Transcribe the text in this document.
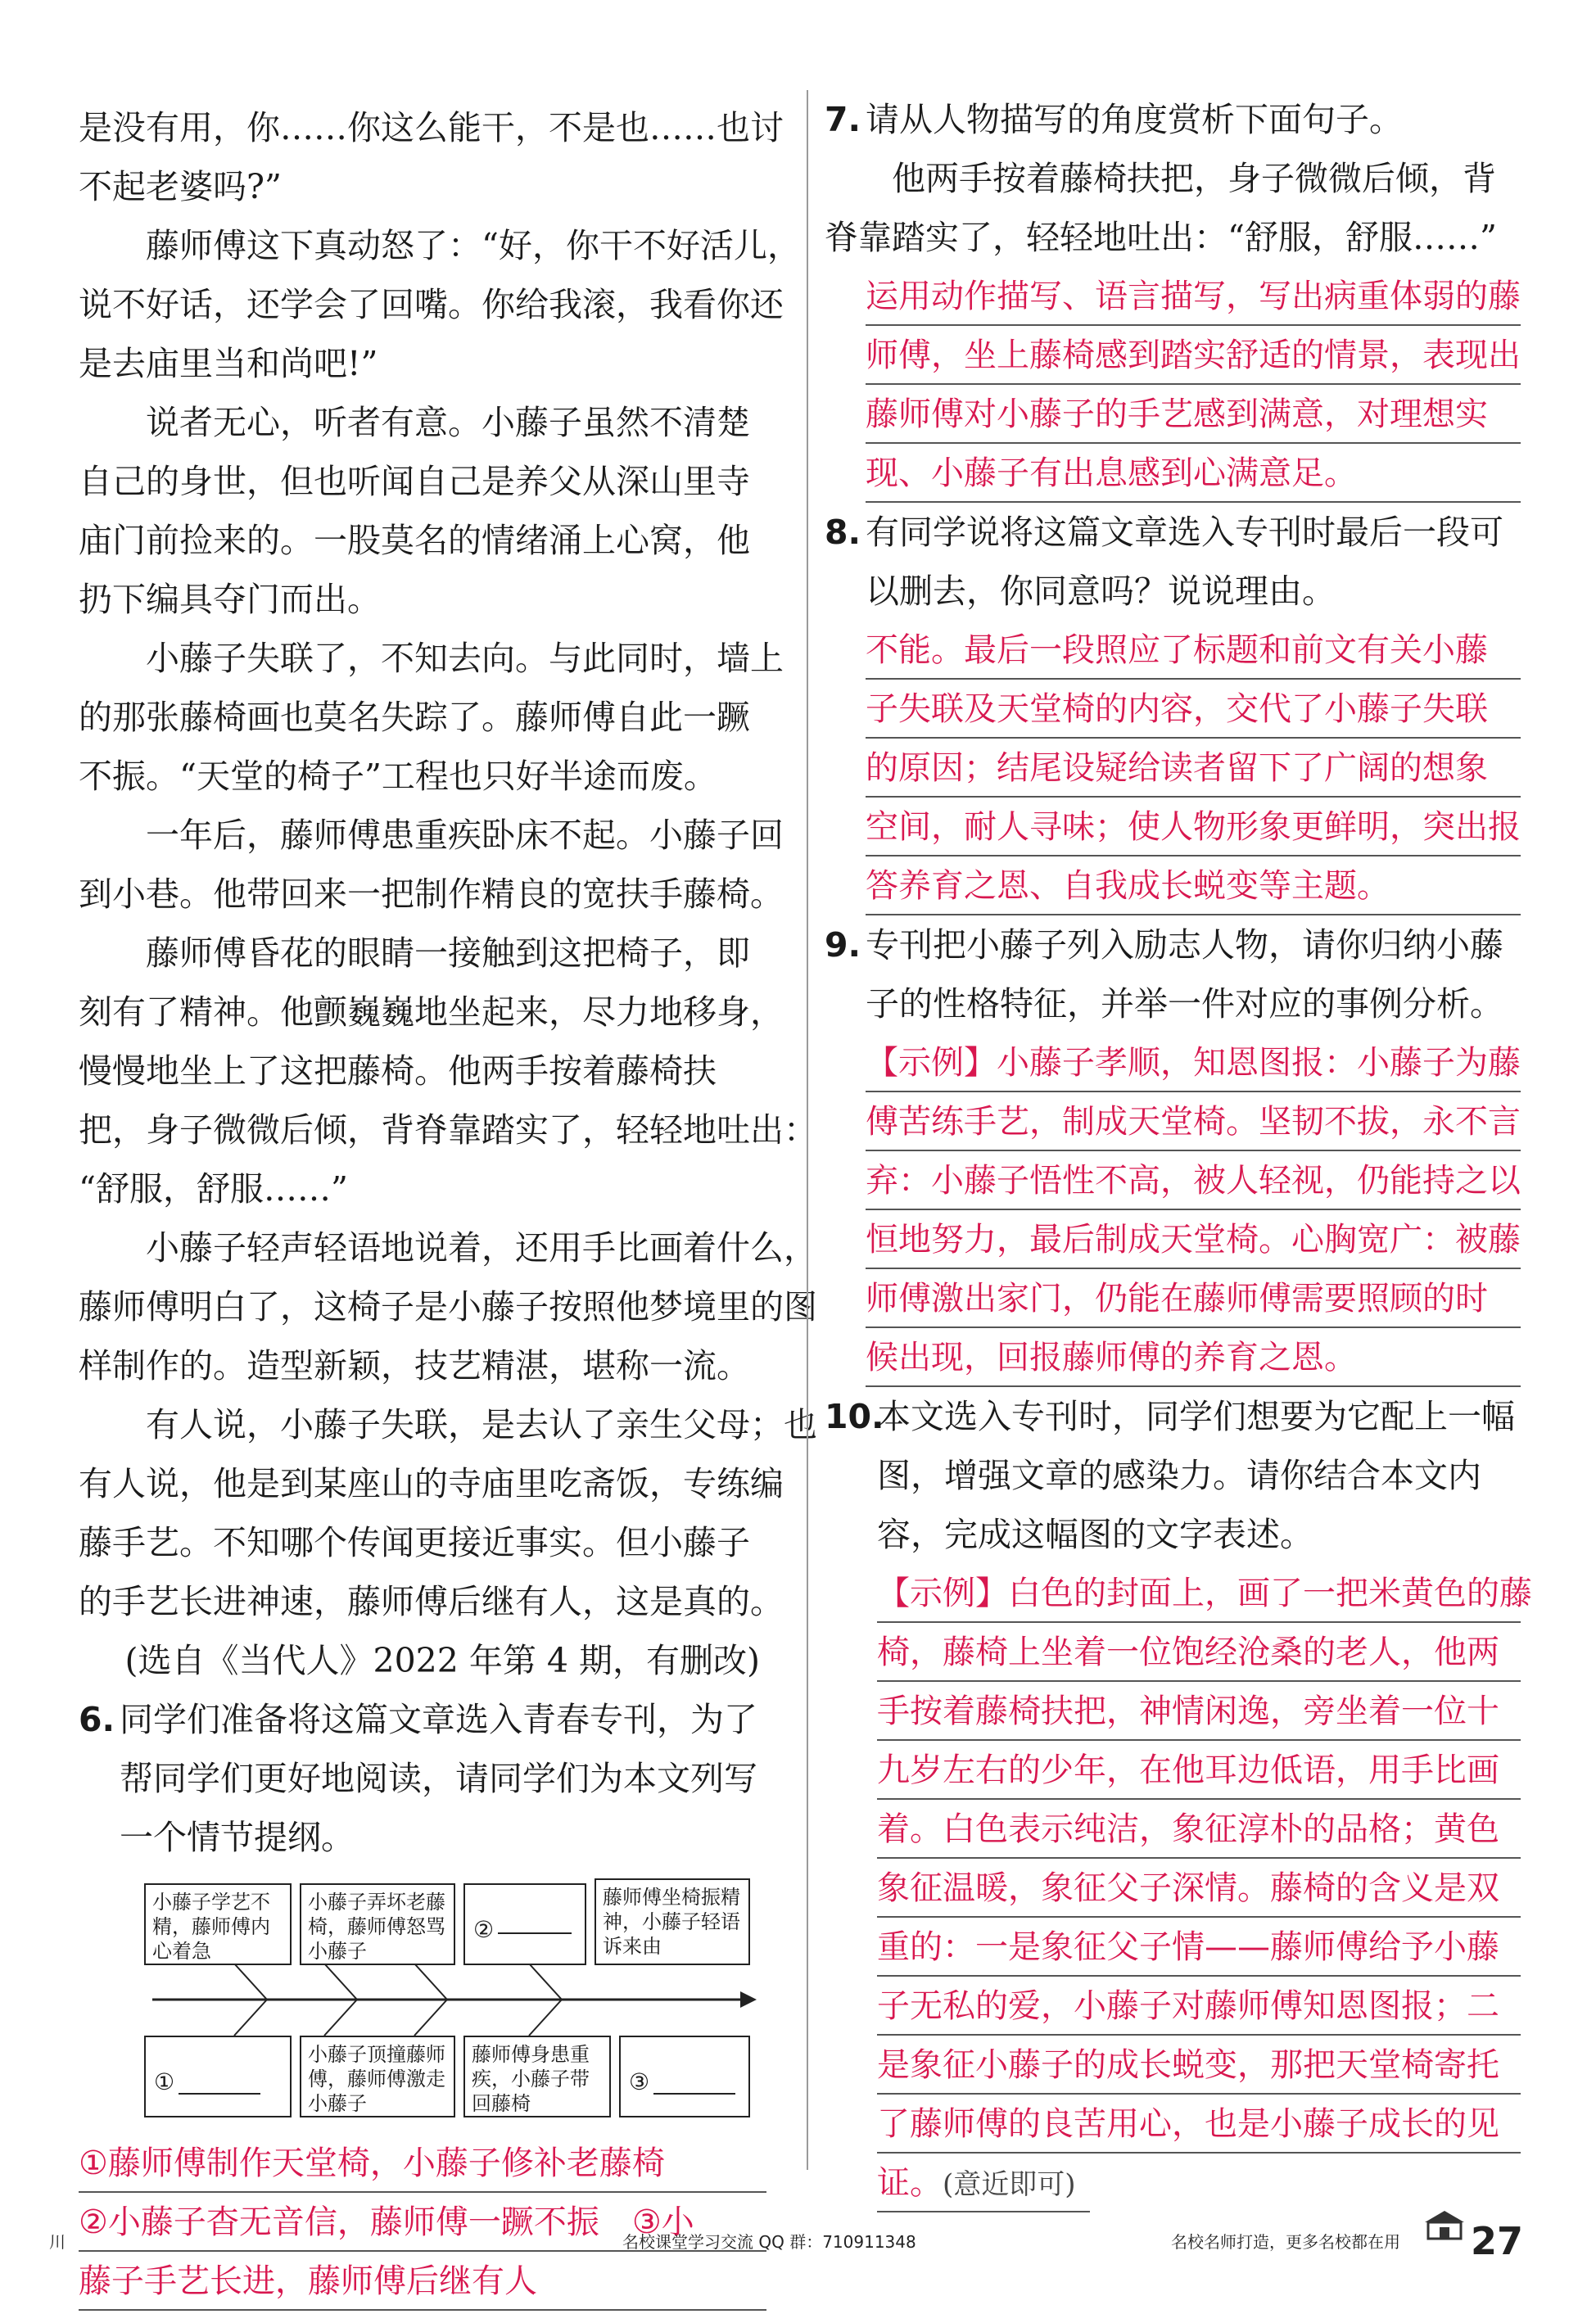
是没有用，你……你这么能干，不是也……也讨
不起老婆吗?”
藤师傅这下真动怒了：“好，你干不好活儿，
说不好话，还学会了回嘴。你给我滚，我看你还
是去庙里当和尚吧!”
说者无心，听者有意。小藤子虽然不清楚
自己的身世，但也听闻自己是养父从深山里寺
庙门前捡来的。一股莫名的情绪涌上心窝，他
扔下编具夺门而出。
小藤子失联了，不知去向。与此同时，墙上
的那张藤椅画也莫名失踪了。藤师傅自此一蹶
不振。“天堂的椅子”工程也只好半途而废。
一年后，藤师傅患重疾卧床不起。小藤子回
到小巷。他带回来一把制作精良的宽扶手藤椅。
藤师傅昏花的眼睛一接触到这把椅子，即
刻有了精神。他颤巍巍地坐起来，尽力地移身，
慢慢地坐上了这把藤椅。他两手按着藤椅扶
把，身子微微后倾，背脊靠踏实了，轻轻地吐出：
“舒服，舒服……”
小藤子轻声轻语地说着，还用手比画着什么，
藤师傅明白了，这椅子是小藤子按照他梦境里的图
样制作的。造型新颖，技艺精湛，堪称一流。
有人说，小藤子失联，是去认了亲生父母；也
有人说，他是到某座山的寺庙里吃斋饭，专练编
藤手艺。不知哪个传闻更接近事实。但小藤子
的手艺长进神速，藤师傅后继有人，这是真的。
(选自《当代人》2022 年第 4 期，有删改)
6. 同学们准备将这篇文章选入青春专刊，为了
帮同学们更好地阅读，请同学们为本文列写
一个情节提纲。
小藤子学艺不精，藤师傅内心着急
小藤子弄坏老藤椅，藤师傅怒骂小藤子
②
藤师傅坐椅振精神，小藤子轻语诉来由
①
小藤子顶撞藤师傅，藤师傅激走小藤子
藤师傅身患重疾，小藤子带回藤椅
③
①藤师傅制作天堂椅，小藤子修补老藤椅
②小藤子杳无音信，藤师傅一蹶不振　③小
藤子手艺长进，藤师傅后继有人
7. 请从人物描写的角度赏析下面句子。
他两手按着藤椅扶把，身子微微后倾，背
脊靠踏实了，轻轻地吐出：“舒服，舒服……”
运用动作描写、语言描写，写出病重体弱的藤
师傅，坐上藤椅感到踏实舒适的情景，表现出
藤师傅对小藤子的手艺感到满意，对理想实
现、小藤子有出息感到心满意足。
8. 有同学说将这篇文章选入专刊时最后一段可
以删去，你同意吗？说说理由。
不能。最后一段照应了标题和前文有关小藤
子失联及天堂椅的内容，交代了小藤子失联
的原因；结尾设疑给读者留下了广阔的想象
空间，耐人寻味；使人物形象更鲜明，突出报
答养育之恩、自我成长蜕变等主题。
9. 专刊把小藤子列入励志人物，请你归纳小藤
子的性格特征，并举一件对应的事例分析。
【示例】小藤子孝顺，知恩图报：小藤子为藤
傅苦练手艺，制成天堂椅。坚韧不拔，永不言
弃：小藤子悟性不高，被人轻视，仍能持之以
恒地努力，最后制成天堂椅。心胸宽广：被藤
师傅激出家门，仍能在藤师傅需要照顾的时
候出现，回报藤师傅的养育之恩。
10.
本文选入专刊时，同学们想要为它配上一幅
图，增强文章的感染力。请你结合本文内
容，完成这幅图的文字表述。
【示例】白色的封面上，画了一把米黄色的藤
椅，藤椅上坐着一位饱经沧桑的老人，他两
手按着藤椅扶把，神情闲逸，旁坐着一位十
九岁左右的少年，在他耳边低语，用手比画
着。白色表示纯洁，象征淳朴的品格；黄色
象征温暖，象征父子深情。藤椅的含义是双
重的：一是象征父子情——藤师傅给予小藤
子无私的爱，小藤子对藤师傅知恩图报；二
是象征小藤子的成长蜕变，那把天堂椅寄托
了藤师傅的良苦用心，也是小藤子成长的见
证。(意近即可)
川	名校课堂学习交流 QQ 群：710911348	名校名师打造，更多名校都在用 27
